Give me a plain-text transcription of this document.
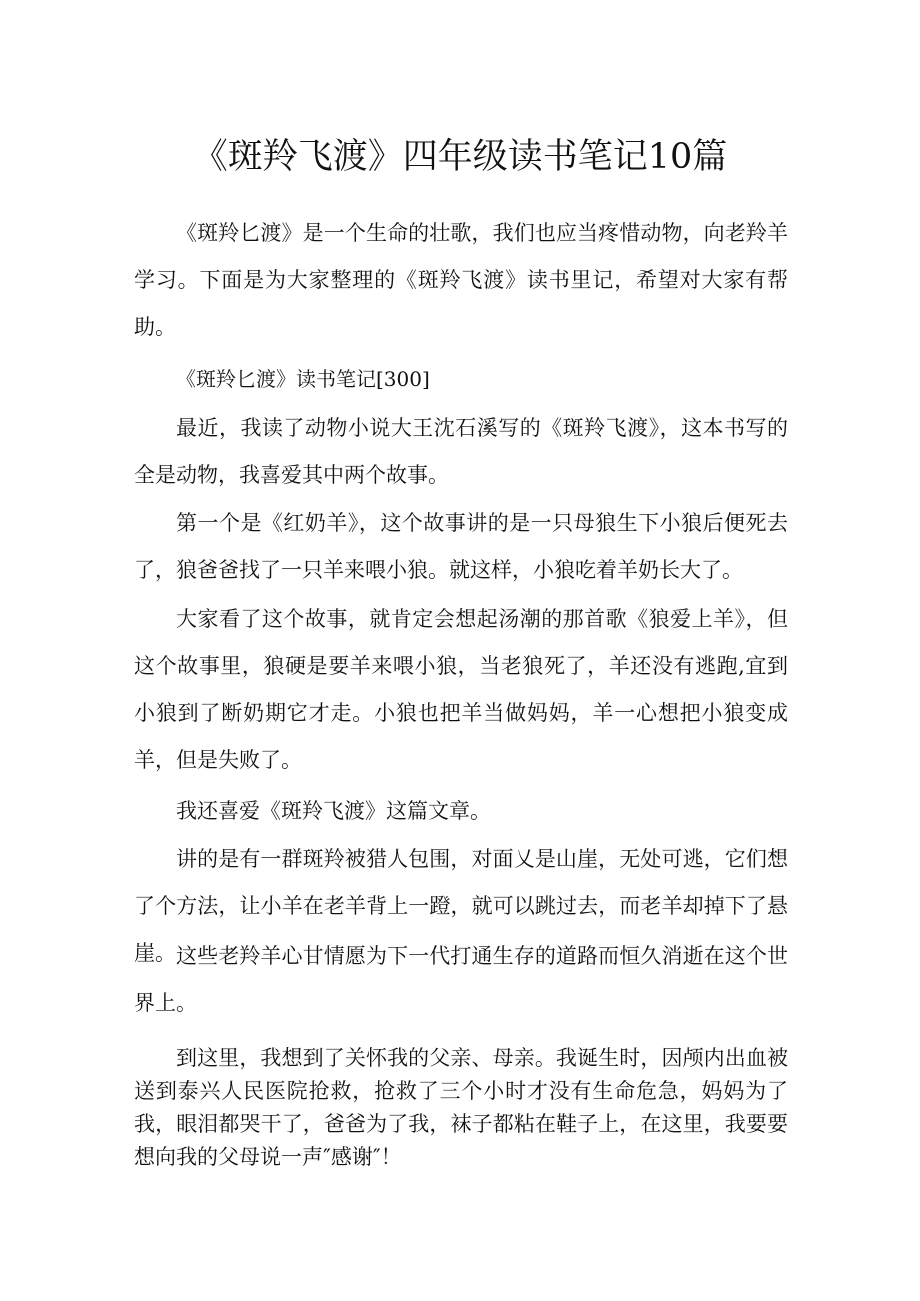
《斑羚飞渡》四年级读书笔记10篇

《斑羚匕渡》是一个生命的壮歌，我们也应当疼惜动物，向老羚羊学习。下面是为大家整理的《斑羚飞渡》读书里记，希望对大家有帮助。

《斑羚匕渡》读书笔记[300]

最近，我读了动物小说大王沈石溪写的《斑羚飞渡》，这本书写的全是动物，我喜爱其中两个故事。

第一个是《红奶羊》，这个故事讲的是一只母狼生下小狼后便死去了，狼爸爸找了一只羊来喂小狼。就这样，小狼吃着羊奶长大了。

大家看了这个故事，就肯定会想起汤潮的那首歌《狼爱上羊》，但这个故事里，狼硬是要羊来喂小狼，当老狼死了，羊还没有逃跑,宜到小狼到了断奶期它才走。小狼也把羊当做妈妈，羊一心想把小狼变成羊，但是失败了。

我还喜爱《斑羚飞渡》这篇文章。

讲的是有一群斑羚被猎人包围，对面乂是山崖，无处可逃，它们想了个方法，让小羊在老羊背上一蹬，就可以跳过去，而老羊却掉下了悬崖。 这些老羚羊心甘情愿为下一代打通生存的道路而恒久消逝在这个世界上。

到这里，我想到了关怀我的父亲、母亲。我诞生时，因颅内出血被送到泰兴人民医院抢救，抢救了三个小时才没有生命危急，妈妈为了我，眼泪都哭干了，爸爸为了我，袜子都粘在鞋子上，在这里，我要要想向我的父母说一声″感谢″！
